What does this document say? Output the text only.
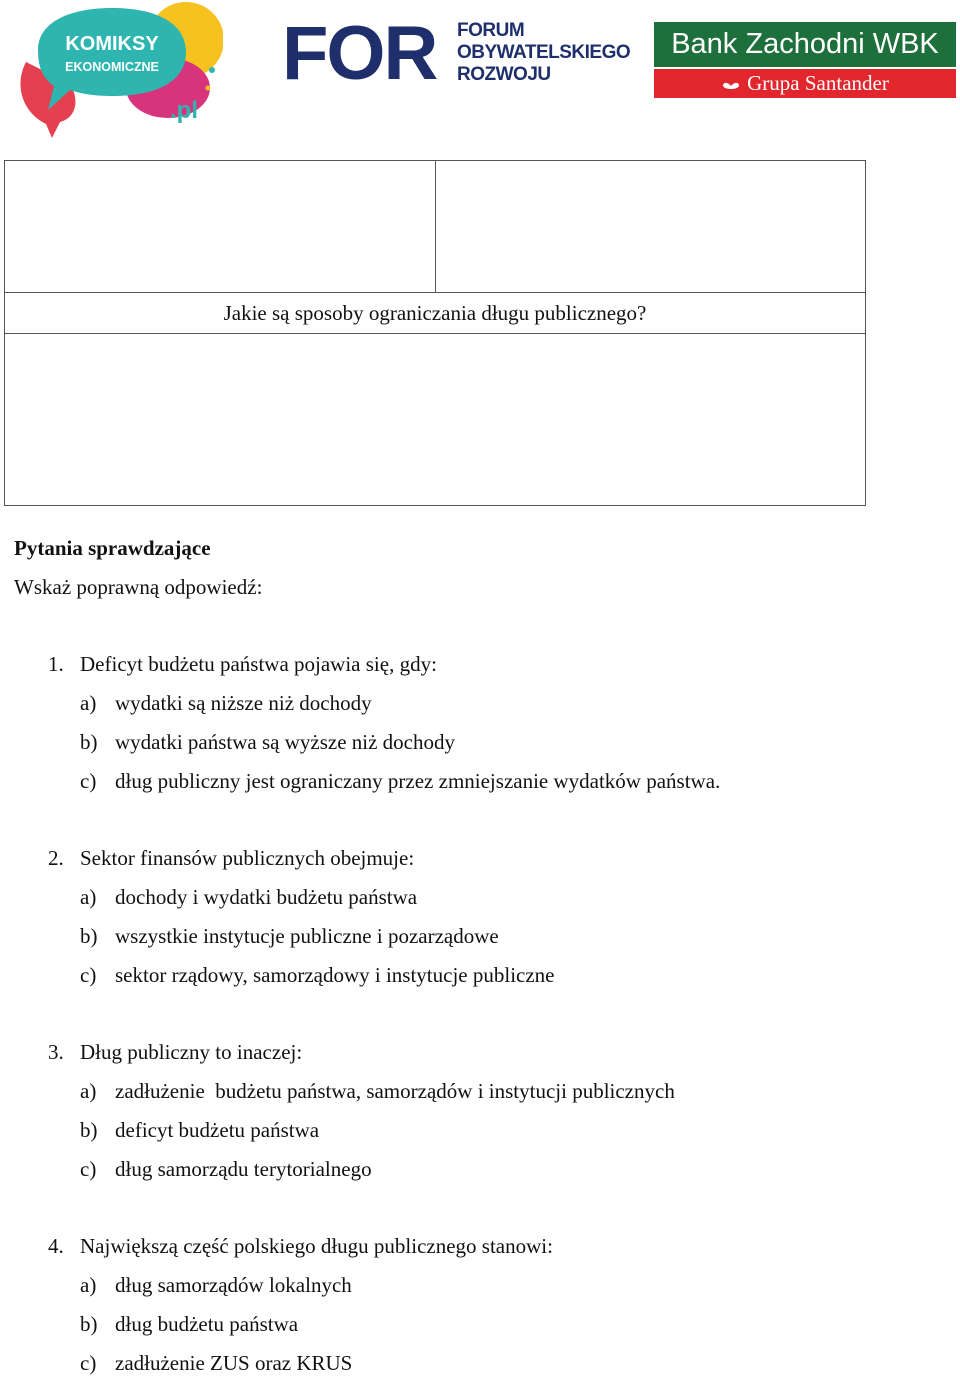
KOMIKSY
EKONOMICZNE
.pl
FOR FORUM
OBYWATELSKIEGO
ROZWOJU
Bank Zachodni WBK
Grupa Santander
Jakie są sposoby ograniczania długu publicznego?
Pytania sprawdzające
Wskaż poprawną odpowiedź:
1. Deficyt budżetu państwa pojawia się, gdy:
a) wydatki są niższe niż dochody
b) wydatki państwa są wyższe niż dochody
c) dług publiczny jest ograniczany przez zmniejszanie wydatków państwa.
2. Sektor finansów publicznych obejmuje:
a) dochody i wydatki budżetu państwa
b) wszystkie instytucje publiczne i pozarządowe
c) sektor rządowy, samorządowy i instytucje publiczne
3. Dług publiczny to inaczej:
a) zadłużenie  budżetu państwa, samorządów i instytucji publicznych
b) deficyt budżetu państwa
c) dług samorządu terytorialnego
4. Największą część polskiego długu publicznego stanowi:
a) dług samorządów lokalnych
b) dług budżetu państwa
c) zadłużenie ZUS oraz KRUS
